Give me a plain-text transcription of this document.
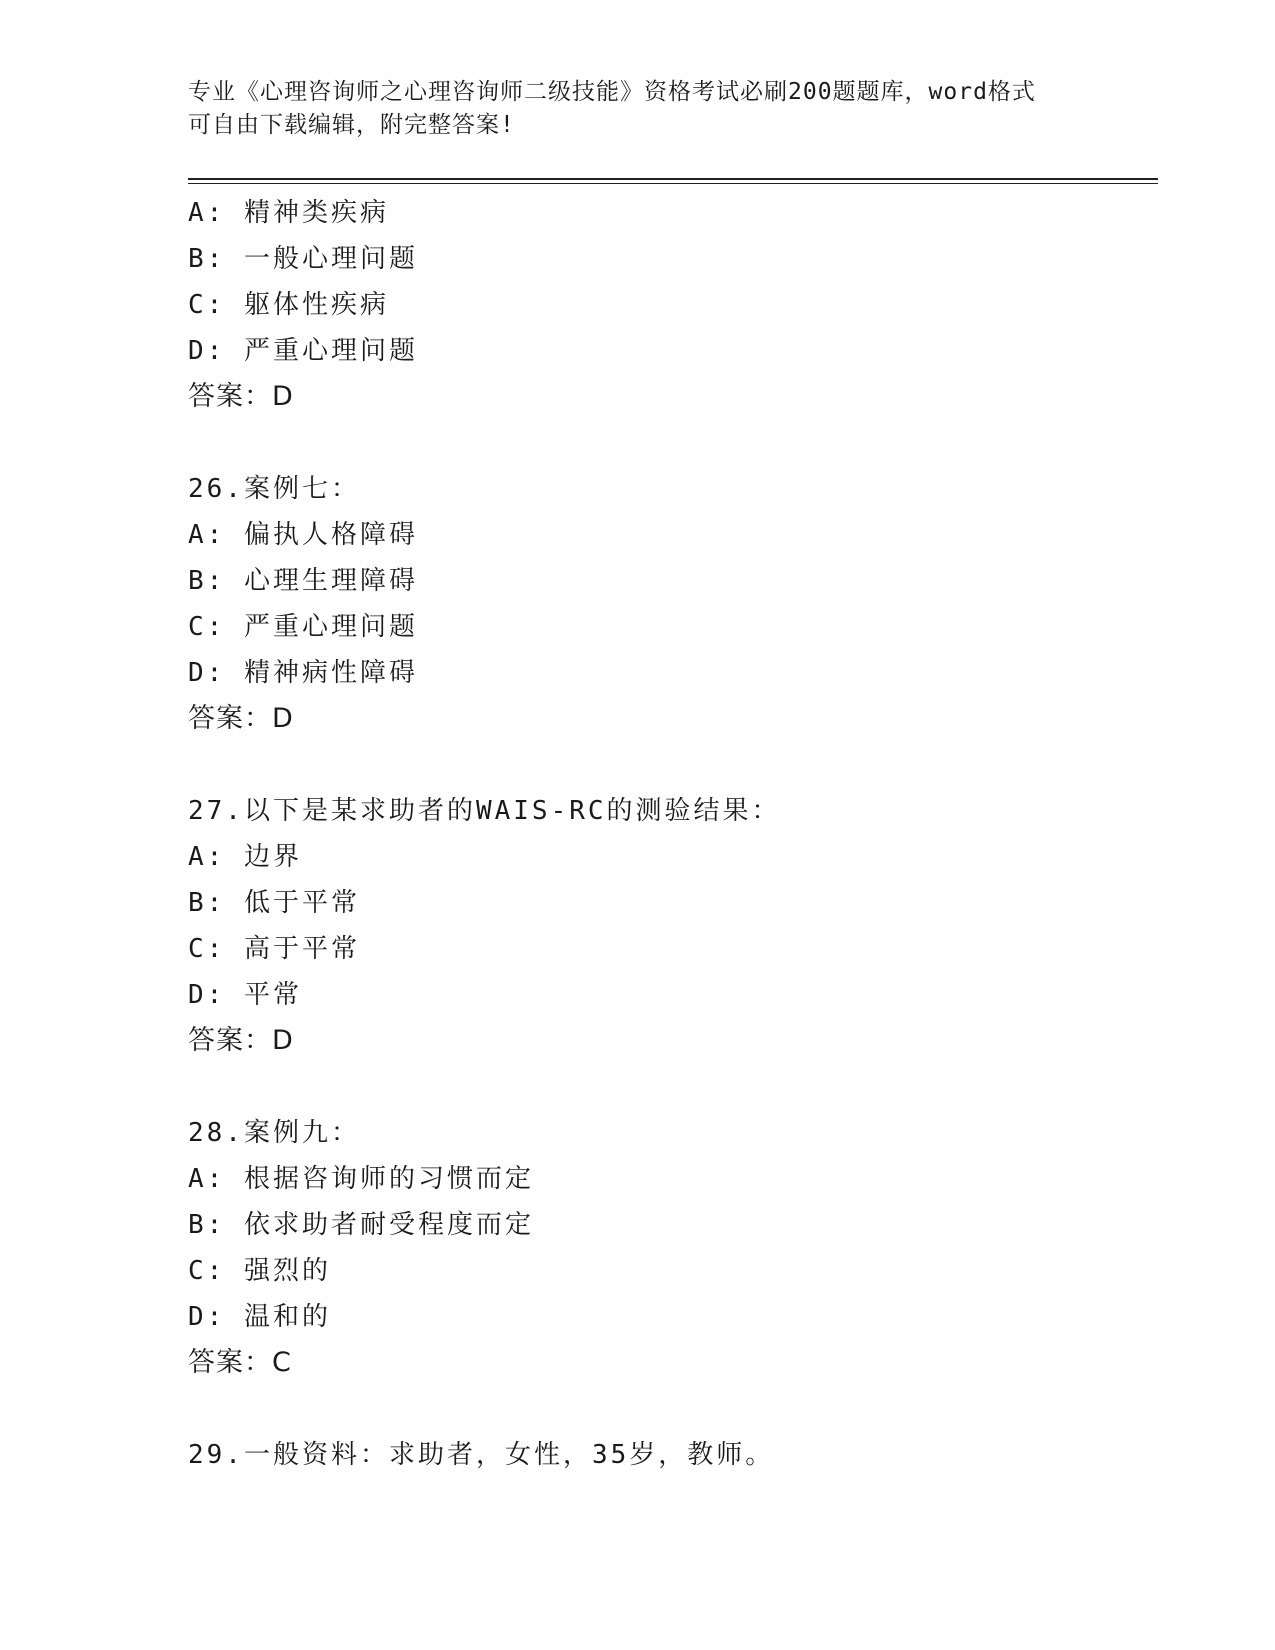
专业《心理咨询师之心理咨询师二级技能》资格考试必刷200题题库，word格式
可自由下载编辑，附完整答案!
A: 精神类疾病
B: 一般心理问题
C: 躯体性疾病
D: 严重心理问题
答案：D
26.案例七：
A: 偏执人格障碍
B: 心理生理障碍
C: 严重心理问题
D: 精神病性障碍
答案：D
27.以下是某求助者的WAIS-RC的测验结果：
A: 边界
B: 低于平常
C: 高于平常
D: 平常
答案：D
28.案例九：
A: 根据咨询师的习惯而定
B: 依求助者耐受程度而定
C: 强烈的
D: 温和的
答案：C
29.一般资料：求助者，女性，35岁，教师。
